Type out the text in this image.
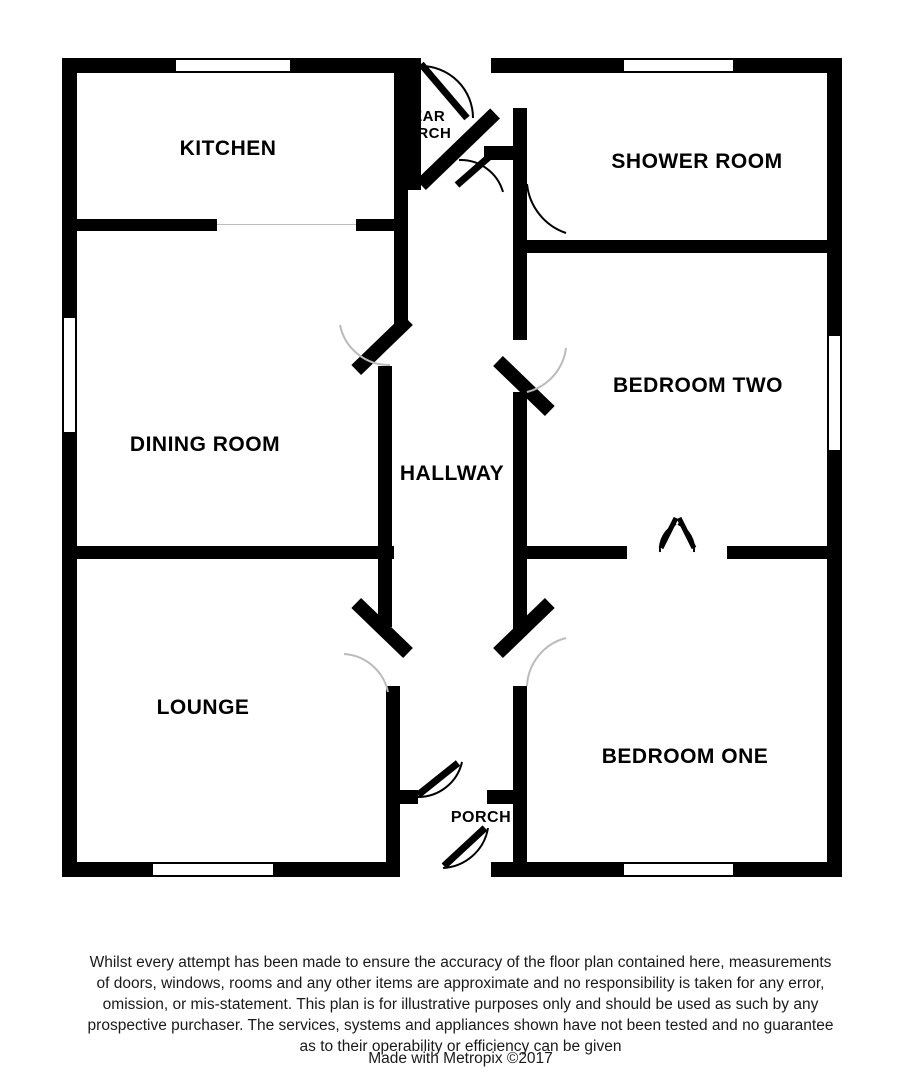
KITCHEN
REAR
PORCH
SHOWER ROOM
DINING ROOM
BEDROOM TWO
HALLWAY
LOUNGE
BEDROOM ONE
PORCH
Whilst every attempt has been made to ensure the accuracy of the floor plan contained here, measurements
of doors, windows, rooms and any other items are approximate and no responsibility is taken for any error,
omission, or mis-statement. This plan is for illustrative purposes only and should be used as such by any
prospective purchaser. The services, systems and appliances shown have not been tested and no guarantee
as to their operability or efficiency can be given
Made with Metropix ©2017
